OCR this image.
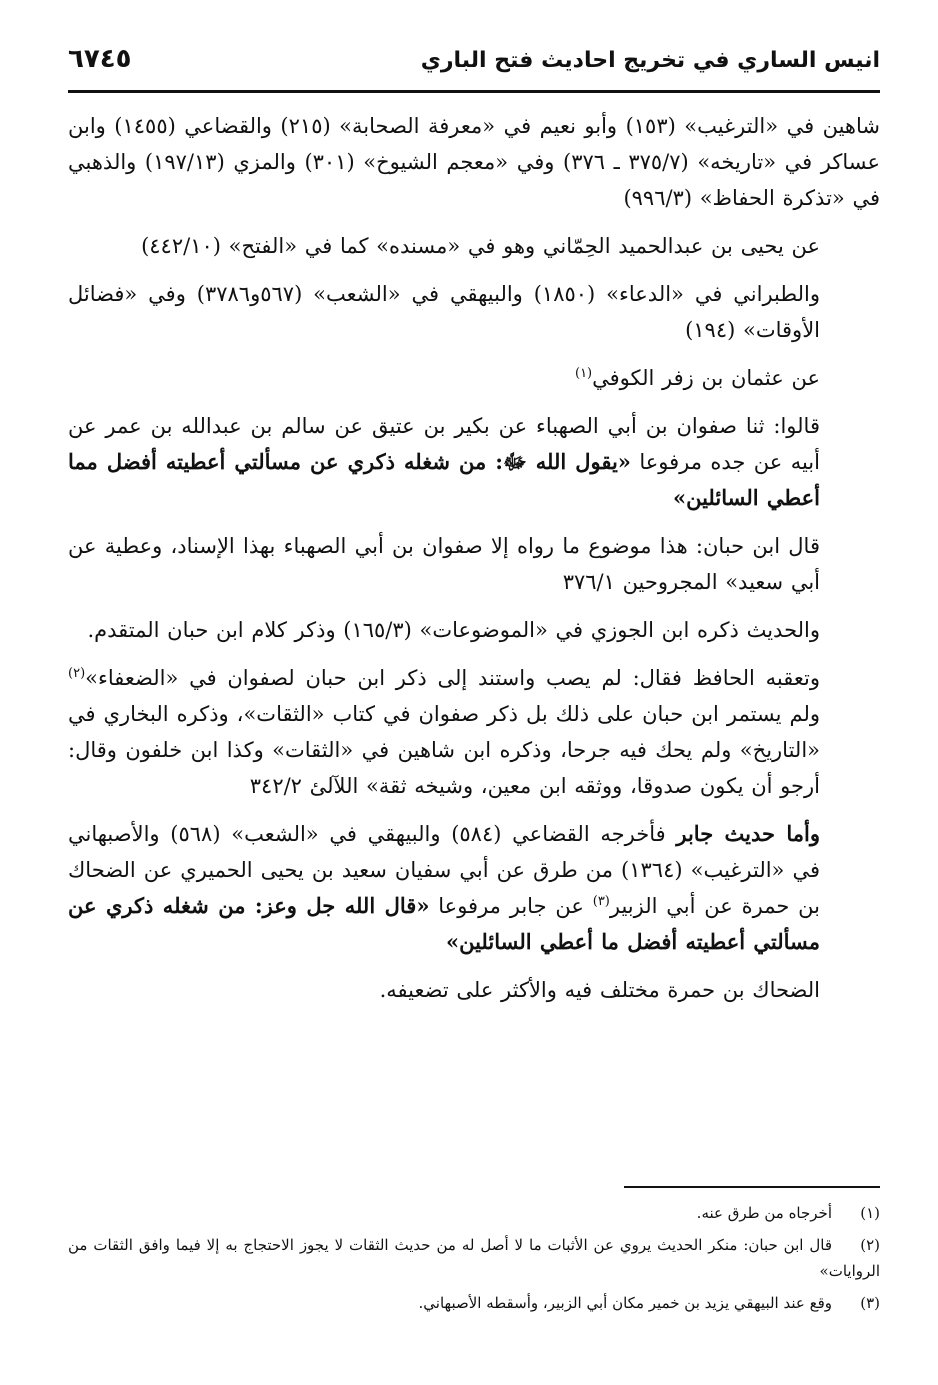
انيس الساري في تخريج احاديث فتح الباري
٦٧٤٥

شاهين في «الترغيب» (١٥٣) وأبو نعيم في «معرفة الصحابة» (٢١٥) والقضاعي (١٤٥٥) وابن عساكر في «تاريخه» (٣٧٥/٧ ـ ٣٧٦) وفي «معجم الشيوخ» (٣٠١) والمزي (١٩٧/١٣) والذهبي في «تذكرة الحفاظ» (٩٩٦/٣)

عن يحيى بن عبدالحميد الحِمّاني وهو في «مسنده» كما في «الفتح» (٤٤٢/١٠)

والطبراني في «الدعاء» (١٨٥٠) والبيهقي في «الشعب» (٥٦٧و٣٧٨٦) وفي «فضائل الأوقات» (١٩٤)

عن عثمان بن زفر الكوفي$^{(١)}$

قالوا: ثنا صفوان بن أبي الصهباء عن بكير بن عتيق عن سالم بن عبدالله بن عمر عن أبيه عن جده مرفوعا «يقول الله ﷻ: من شغله ذكري عن مسألتي أعطيته أفضل مما أعطي السائلين»

قال ابن حبان: هذا موضوع ما رواه إلا صفوان بن أبي الصهباء بهذا الإسناد، وعطية عن أبي سعيد» المجروحين ٣٧٦/١

والحديث ذكره ابن الجوزي في «الموضوعات» (١٦٥/٣) وذكر كلام ابن حبان المتقدم.

وتعقبه الحافظ فقال: لم يصب واستند إلى ذكر ابن حبان لصفوان في «الضعفاء»$^{(٢)}$ ولم يستمر ابن حبان على ذلك بل ذكر صفوان في كتاب «الثقات»، وذكره البخاري في «التاريخ» ولم يحك فيه جرحا، وذكره ابن شاهين في «الثقات» وكذا ابن خلفون وقال: أرجو أن يكون صدوقا، ووثقه ابن معين، وشيخه ثقة» اللآلئ ٣٤٢/٢

وأما حديث جابر فأخرجه القضاعي (٥٨٤) والبيهقي في «الشعب» (٥٦٨) والأصبهاني في «الترغيب» (١٣٦٤) من طرق عن أبي سفيان سعيد بن يحيى الحميري عن الضحاك بن حمرة عن أبي الزبير$^{(٣)}$ عن جابر مرفوعا «قال الله جل وعز: من شغله ذكري عن مسألتي أعطيته أفضل ما أعطي السائلين»

الضحاك بن حمرة مختلف فيه والأكثر على تضعيفه.

(١)أخرجاه من طرق عنه.

(٢)قال ابن حبان: منكر الحديث يروي عن الأثبات ما لا أصل له من حديث الثقات لا يجوز الاحتجاج به إلا فيما وافق الثقات من الروايات»

(٣)وقع عند البيهقي يزيد بن خمير مكان أبي الزبير، وأسقطه الأصبهاني.
